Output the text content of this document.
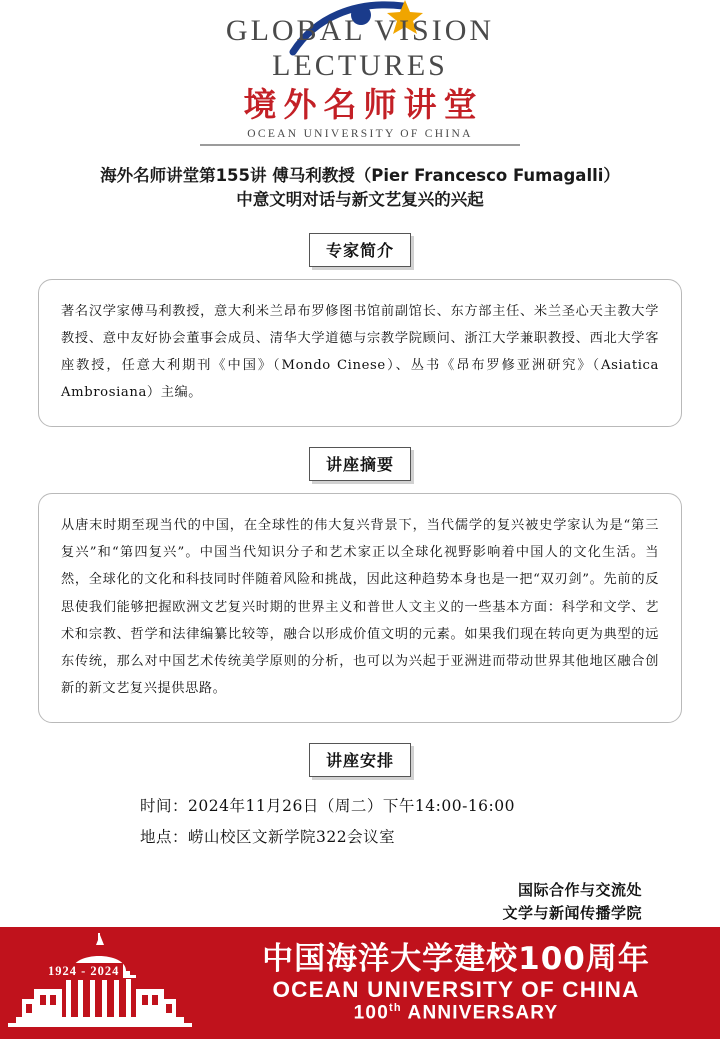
GLOBAL VISION
LECTURES
境外名师讲堂
OCEAN UNIVERSITY OF CHINA
海外名师讲堂第155讲 傅马利教授（Pier Francesco Fumagalli）
中意文明对话与新文艺复兴的兴起
专家简介

著名汉学家傅马利教授，意大利米兰昂布罗修图书馆前副馆长、东方部主任、米兰圣心天主教大学教授、意中友好协会董事会成员、清华大学道德与宗教学院顾问、浙江大学兼职教授、西北大学客座教授，任意大利期刊《中国》（Mondo Cinese）、丛书《昂布罗修亚洲研究》（Asiatica Ambrosiana）主编。

讲座摘要

从唐末时期至现当代的中国，在全球性的伟大复兴背景下，当代儒学的复兴被史学家认为是“第三复兴”和“第四复兴”。中国当代知识分子和艺术家正以全球化视野影响着中国人的文化生活。当然，全球化的文化和科技同时伴随着风险和挑战，因此这种趋势本身也是一把“双刃剑”。先前的反思使我们能够把握欧洲文艺复兴时期的世界主义和普世人文主义的一些基本方面：科学和文学、艺术和宗教、哲学和法律编纂比较等，融合以形成价值文明的元素。如果我们现在转向更为典型的远东传统，那么对中国艺术传统美学原则的分析，也可以为兴起于亚洲进而带动世界其他地区融合创新的新文艺复兴提供思路。

讲座安排
时间：2024年11月26日（周二）下午14:00-16:00
地点：崂山校区文新学院322会议室
国际合作与交流处
文学与新闻传播学院
1924 - 2024	中国海洋大学建校100周年
OCEAN UNIVERSITY OF CHINA
100th ANNIVERSARY
